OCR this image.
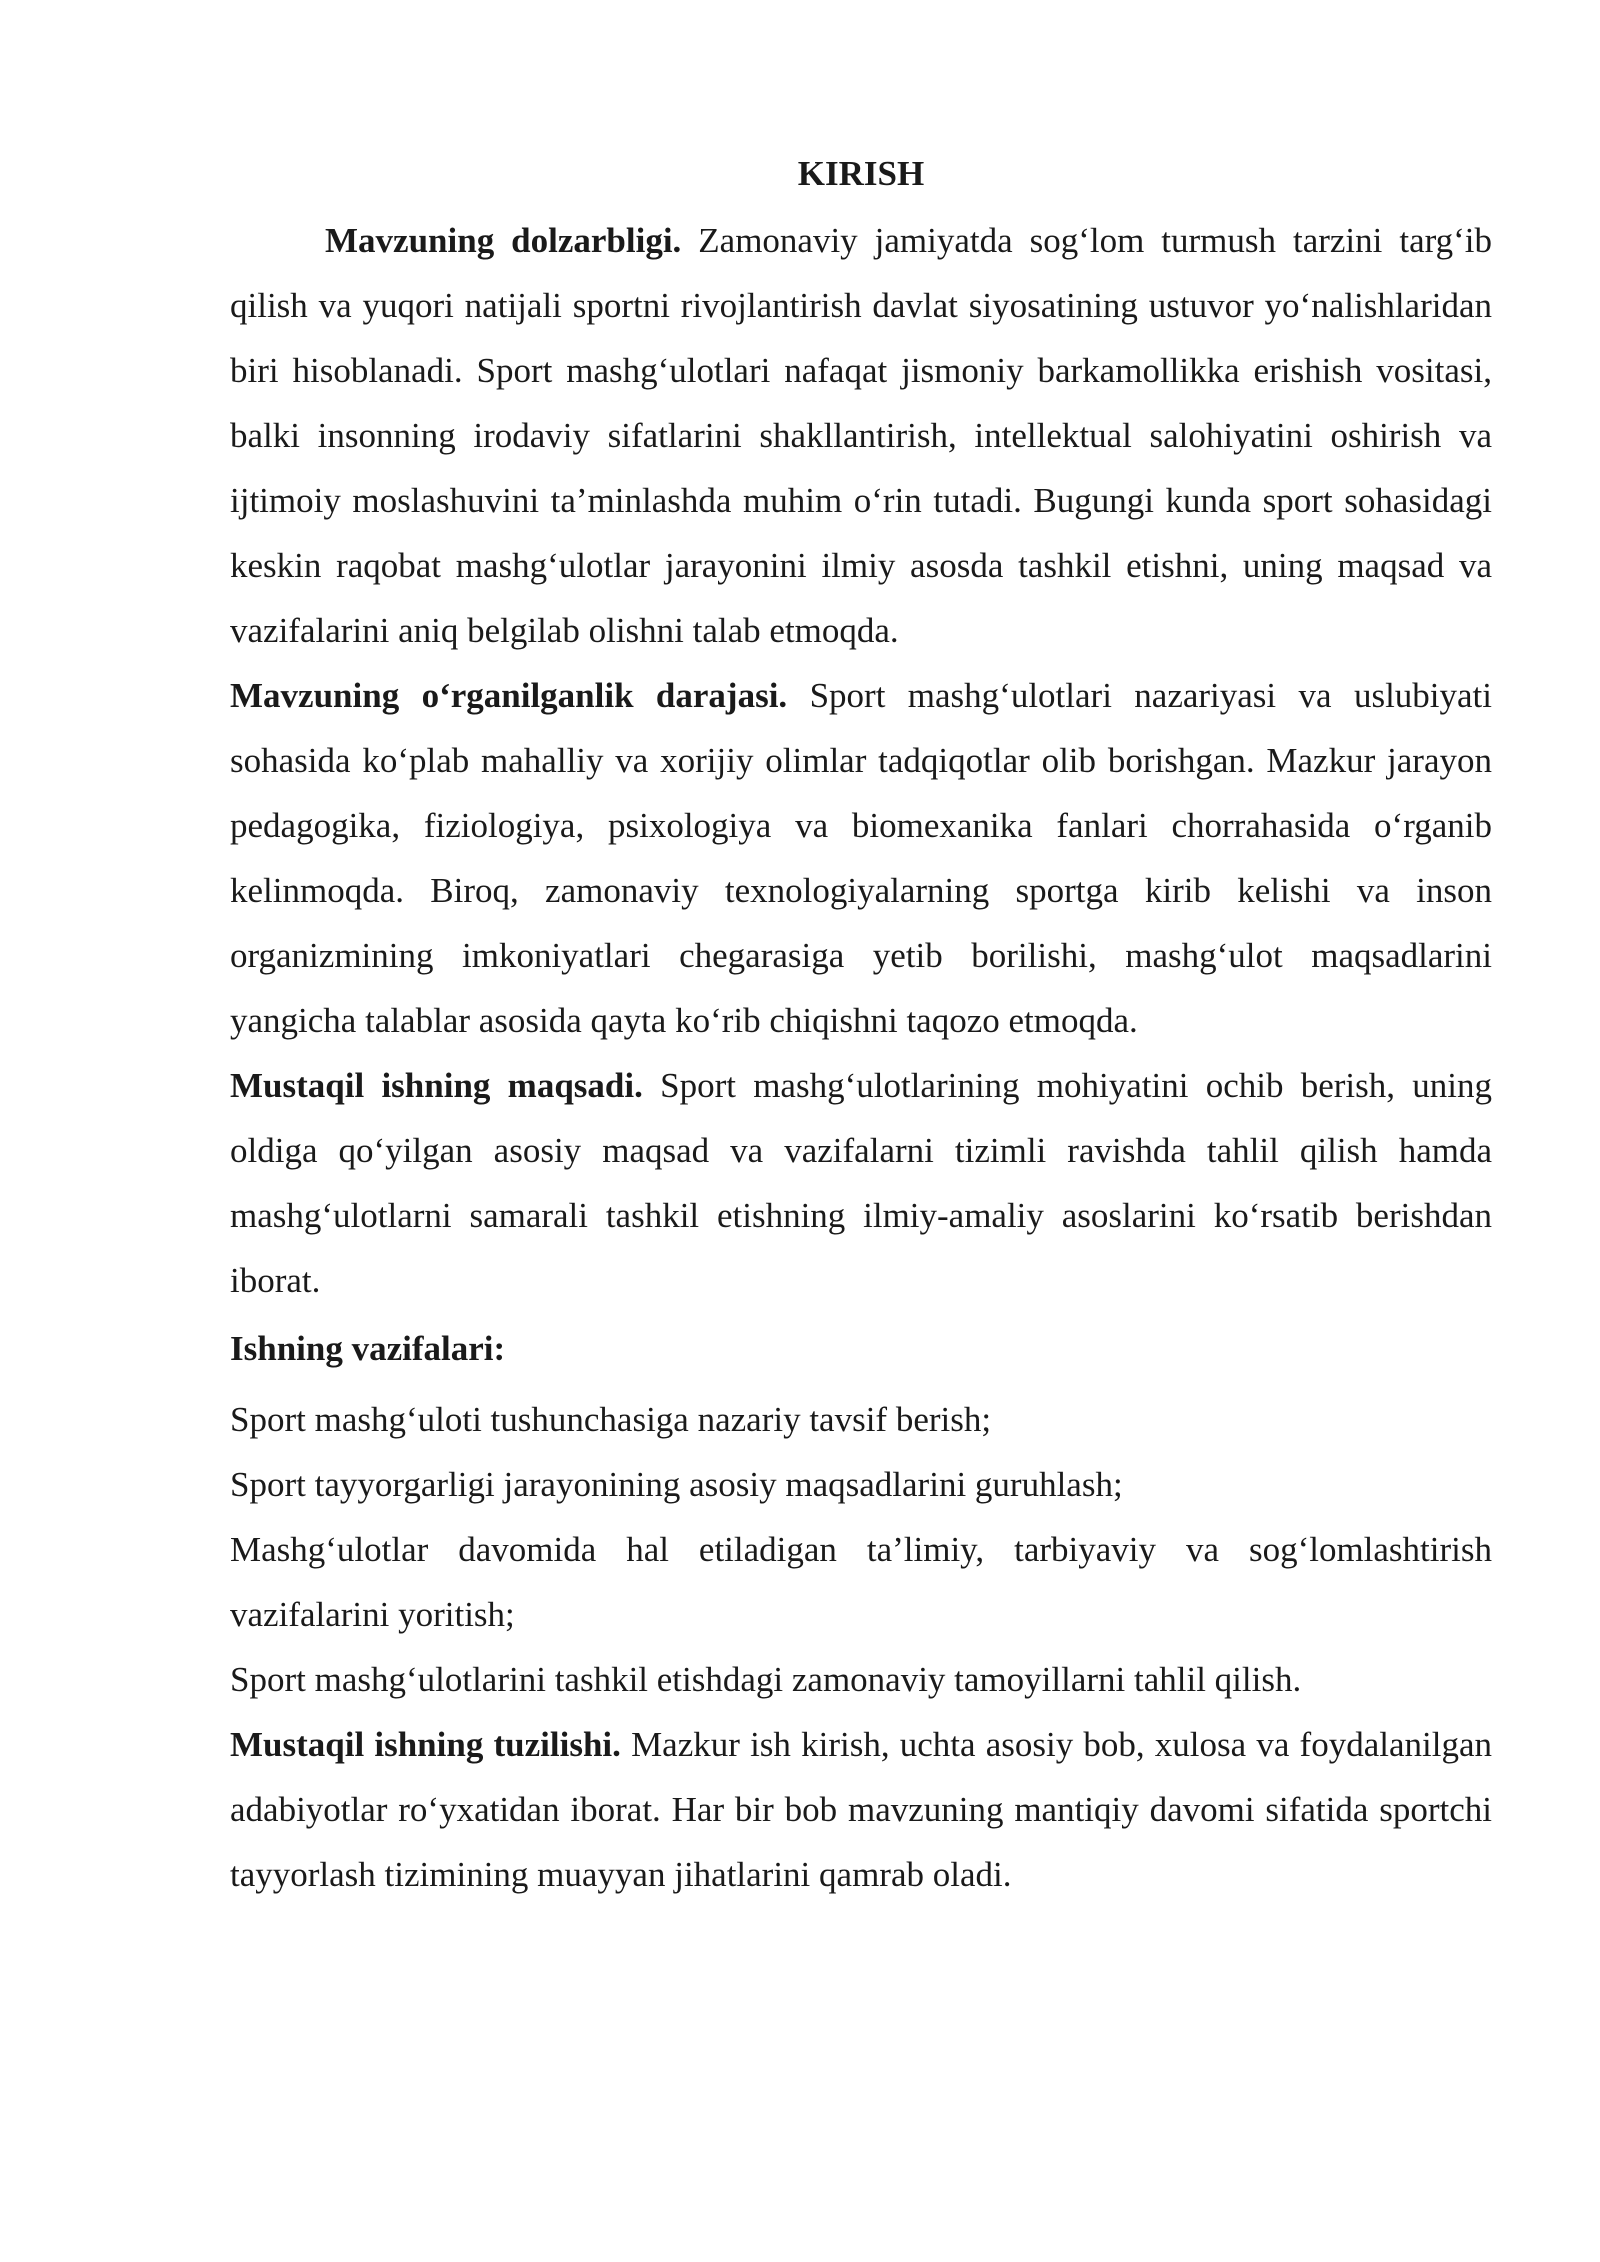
KIRISH

Mavzuning dolzarbligi. Zamonaviy jamiyatda sog‘lom turmush tarzini targ‘ib qilish va yuqori natijali sportni rivojlantirish davlat siyosatining ustuvor yo‘nalishlaridan biri hisoblanadi. Sport mashg‘ulotlari nafaqat jismoniy barkamollikka erishish vositasi, balki insonning irodaviy sifatlarini shakllantirish, intellektual salohiyatini oshirish va ijtimoiy moslashuvini ta’minlashda muhim o‘rin tutadi. Bugungi kunda sport sohasidagi keskin raqobat mashg‘ulotlar jarayonini ilmiy asosda tashkil etishni, uning maqsad va vazifalarini aniq belgilab olishni talab etmoqda.

Mavzuning o‘rganilganlik darajasi. Sport mashg‘ulotlari nazariyasi va uslubiyati sohasida ko‘plab mahalliy va xorijiy olimlar tadqiqotlar olib borishgan. Mazkur jarayon pedagogika, fiziologiya, psixologiya va biomexanika fanlari chorrahasida o‘rganib kelinmoqda. Biroq, zamonaviy texnologiyalarning sportga kirib kelishi va inson organizmining imkoniyatlari chegarasiga yetib borilishi, mashg‘ulot maqsadlarini yangicha talablar asosida qayta ko‘rib chiqishni taqozo etmoqda.

Mustaqil ishning maqsadi. Sport mashg‘ulotlarining mohiyatini ochib berish, uning oldiga qo‘yilgan asosiy maqsad va vazifalarni tizimli ravishda tahlil qilish hamda mashg‘ulotlarni samarali tashkil etishning ilmiy-amaliy asoslarini ko‘rsatib berishdan iborat.

Ishning vazifalari:

Sport mashg‘uloti tushunchasiga nazariy tavsif berish;

Sport tayyorgarligi jarayonining asosiy maqsadlarini guruhlash;

Mashg‘ulotlar davomida hal etiladigan ta’limiy, tarbiyaviy va sog‘lomlashtirish vazifalarini yoritish;

Sport mashg‘ulotlarini tashkil etishdagi zamonaviy tamoyillarni tahlil qilish.

Mustaqil ishning tuzilishi. Mazkur ish kirish, uchta asosiy bob, xulosa va foydalanilgan adabiyotlar ro‘yxatidan iborat. Har bir bob mavzuning mantiqiy davomi sifatida sportchi tayyorlash tizimining muayyan jihatlarini qamrab oladi.
